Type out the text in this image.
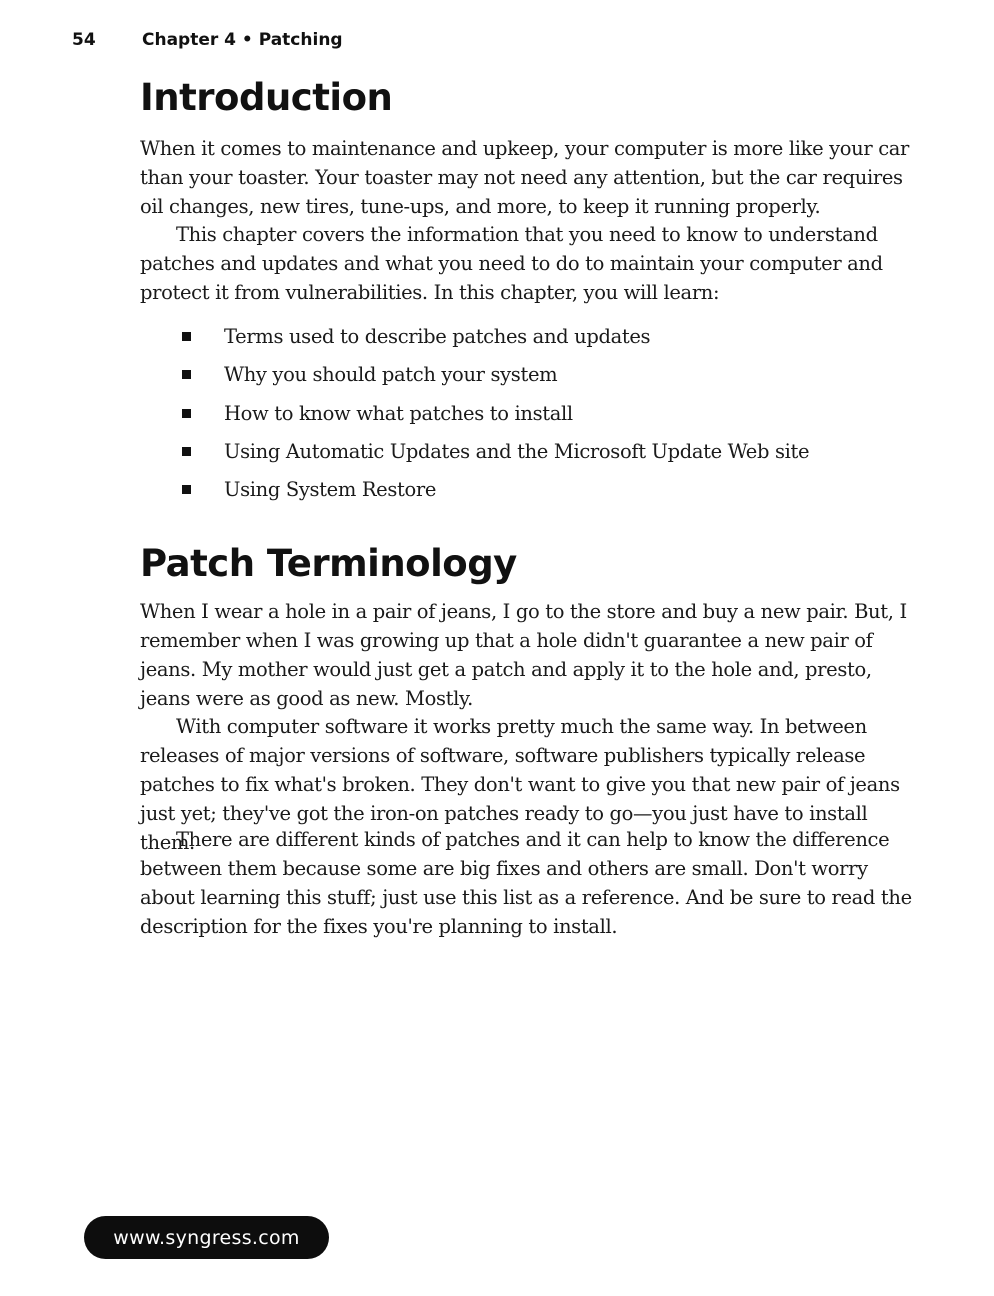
54	Chapter 4 • Patching
Introduction

When it comes to maintenance and upkeep, your computer is more like your car than your toaster. Your toaster may not need any attention, but the car requires oil changes, new tires, tune-ups, and more, to keep it running properly.

This chapter covers the information that you need to know to understand patches and updates and what you need to do to maintain your computer and protect it from vulnerabilities. In this chapter, you will learn:

Terms used to describe patches and updates
Why you should patch your system
How to know what patches to install
Using Automatic Updates and the Microsoft Update Web site
Using System Restore
Patch Terminology

When I wear a hole in a pair of jeans, I go to the store and buy a new pair. But, I remember when I was growing up that a hole didn't guarantee a new pair of jeans. My mother would just get a patch and apply it to the hole and, presto, jeans were as good as new. Mostly.

With computer software it works pretty much the same way. In between releases of major versions of software, software publishers typically release patches to fix what's broken. They don't want to give you that new pair of jeans just yet; they've got the iron-on patches ready to go—you just have to install them.

There are different kinds of patches and it can help to know the difference between them because some are big fixes and others are small. Don't worry about learning this stuff; just use this list as a reference. And be sure to read the description for the fixes you're planning to install.

www.syngress.com
